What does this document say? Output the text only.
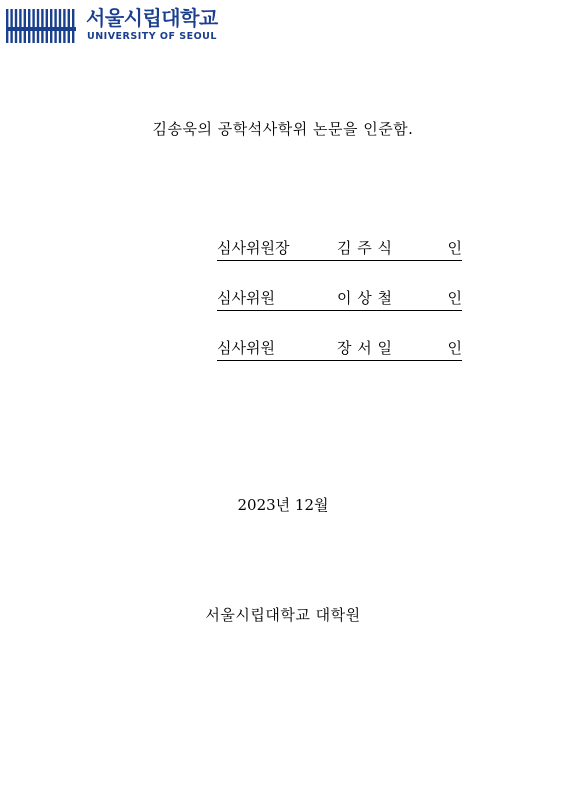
서울시립대학교
UNIVERSITY OF SEOUL
김송욱의 공학석사학위 논문을 인준함.
심사위원장	김 주 식	인
심사위원	이 상 철	인
심사위원	장 서 일	인
2023년 12월
서울시립대학교 대학원
